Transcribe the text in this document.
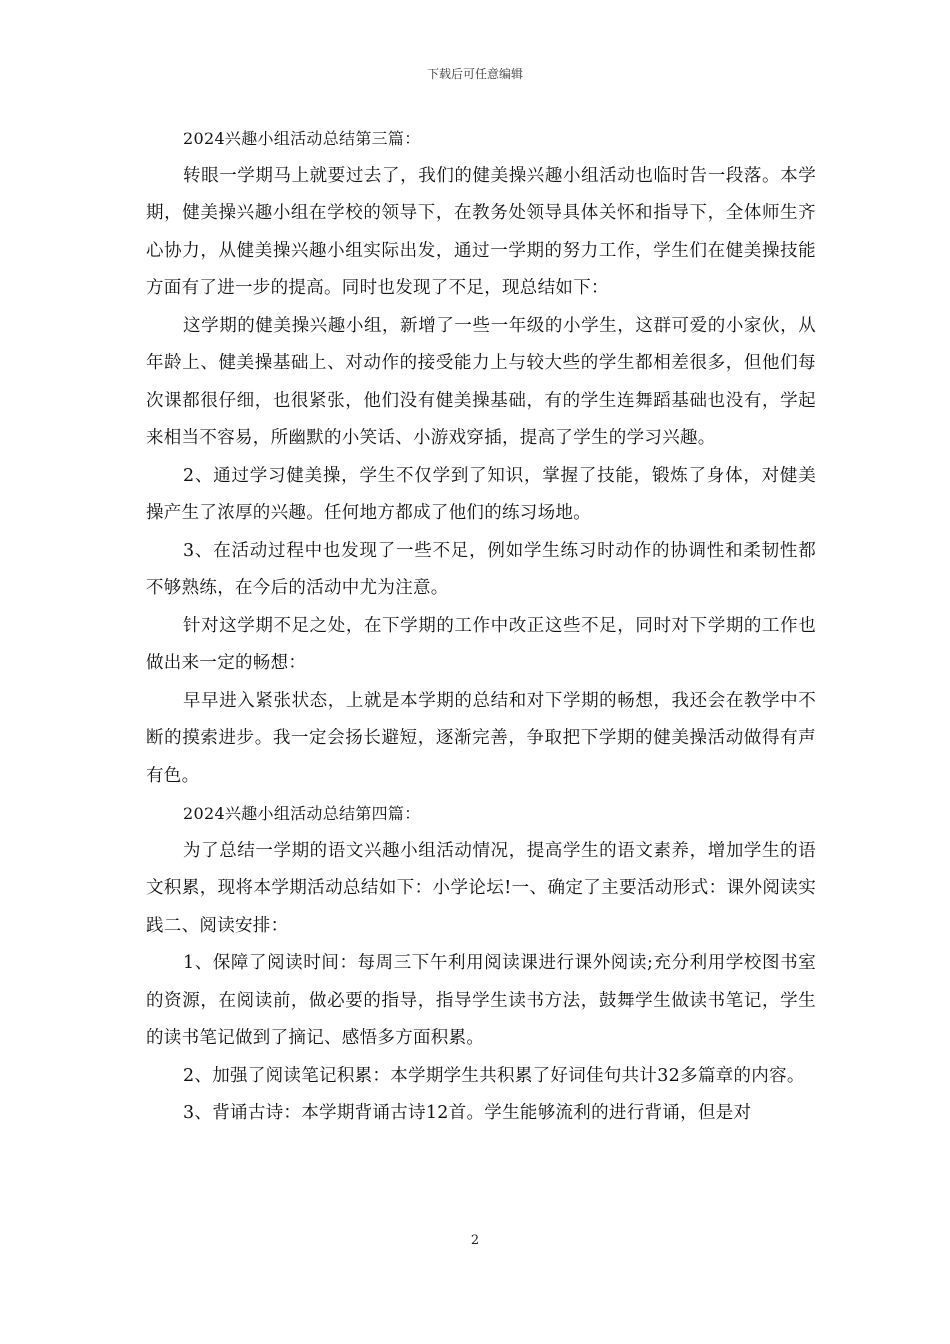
下载后可任意编辑

2024兴趣小组活动总结第三篇：

转眼一学期马上就要过去了，我们的健美操兴趣小组活动也临时告一段落。本学期，健美操兴趣小组在学校的领导下，在教务处领导具体关怀和指导下，全体师生齐心协力，从健美操兴趣小组实际出发，通过一学期的努力工作，学生们在健美操技能方面有了进一步的提高。同时也发现了不足，现总结如下：

这学期的健美操兴趣小组，新增了一些一年级的小学生，这群可爱的小家伙，从年龄上、健美操基础上、对动作的接受能力上与较大些的学生都相差很多，但他们每次课都很仔细，也很紧张，他们没有健美操基础，有的学生连舞蹈基础也没有，学起来相当不容易，所幽默的小笑话、小游戏穿插，提高了学生的学习兴趣。

2、通过学习健美操，学生不仅学到了知识，掌握了技能，锻炼了身体，对健美操产生了浓厚的兴趣。任何地方都成了他们的练习场地。

3、在活动过程中也发现了一些不足，例如学生练习时动作的协调性和柔韧性都不够熟练，在今后的活动中尤为注意。

针对这学期不足之处，在下学期的工作中改正这些不足，同时对下学期的工作也做出来一定的畅想：

早早进入紧张状态，上就是本学期的总结和对下学期的畅想，我还会在教学中不断的摸索进步。我一定会扬长避短，逐渐完善，争取把下学期的健美操活动做得有声有色。

2024兴趣小组活动总结第四篇：

为了总结一学期的语文兴趣小组活动情况，提高学生的语文素养，增加学生的语文积累，现将本学期活动总结如下：小学论坛!一、确定了主要活动形式：课外阅读实践二、阅读安排：

1、保障了阅读时间：每周三下午利用阅读课进行课外阅读;充分利用学校图书室的资源，在阅读前，做必要的指导，指导学生读书方法，鼓舞学生做读书笔记，学生的读书笔记做到了摘记、感悟多方面积累。

2、加强了阅读笔记积累：本学期学生共积累了好词佳句共计32多篇章的内容。

3、背诵古诗：本学期背诵古诗12首。学生能够流利的进行背诵，但是对

2
